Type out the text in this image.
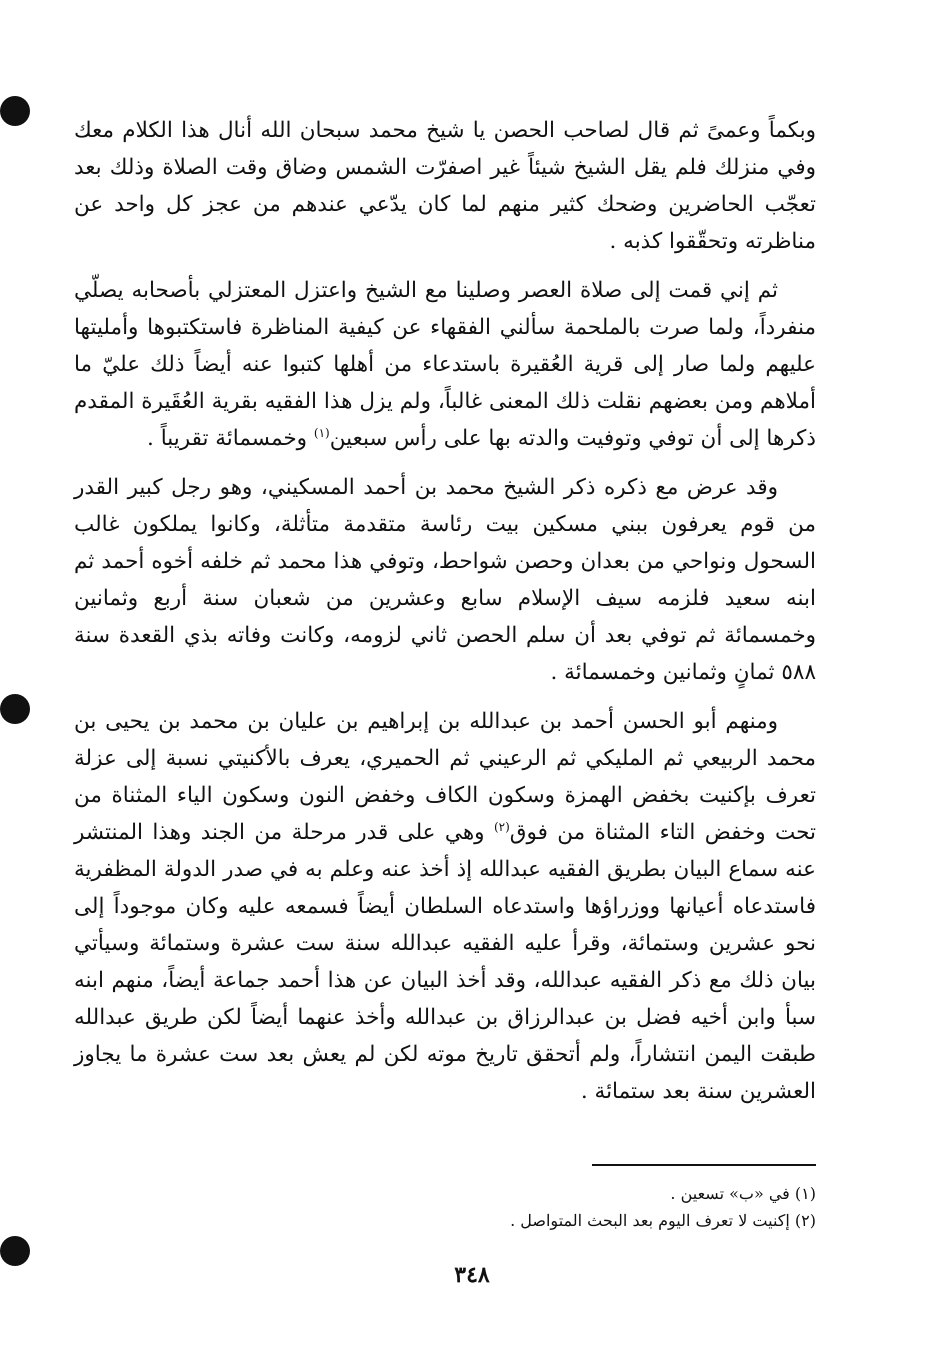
وبكماً وعمىً ثم قال لصاحب الحصن يا شيخ محمد سبحان الله أنال هذا الكلام معك وفي منزلك فلم يقل الشيخ شيئاً غير اصفرّت الشمس وضاق وقت الصلاة وذلك بعد تعجّب الحاضرين وضحك كثير منهم لما كان يدّعي عندهم من عجز كل واحد عن مناظرته وتحقّقوا كذبه .

ثم إني قمت إلى صلاة العصر وصلينا مع الشيخ واعتزل المعتزلي بأصحابه يصلّي منفرداً، ولما صرت بالملحمة سألني الفقهاء عن كيفية المناظرة فاستكتبوها وأمليتها عليهم ولما صار إلى قرية العُقيرة باستدعاء من أهلها كتبوا عنه أيضاً ذلك عليّ ما أملاهم ومن بعضهم نقلت ذلك المعنى غالباً، ولم يزل هذا الفقيه بقرية العُقَيرة المقدم ذكرها إلى أن توفي وتوفيت والدته بها على رأس سبعين$^{(١)}$ وخمسمائة تقريباً .

وقد عرض مع ذكره ذكر الشيخ محمد بن أحمد المسكيني، وهو رجل كبير القدر من قوم يعرفون ببني مسكين بيت رئاسة متقدمة متأثلة، وكانوا يملكون غالب السحول ونواحي من بعدان وحصن شواحط، وتوفي هذا محمد ثم خلفه أخوه أحمد ثم ابنه سعيد فلزمه سيف الإسلام سابع وعشرين من شعبان سنة أربع وثمانين وخمسمائة ثم توفي بعد أن سلم الحصن ثاني لزومه، وكانت وفاته بذي القعدة سنة ٥٨٨ ثمانٍ وثمانين وخمسمائة .

ومنهم أبو الحسن أحمد بن عبدالله بن إبراهيم بن عليان بن محمد بن يحيى بن محمد الربيعي ثم المليكي ثم الرعيني ثم الحميري، يعرف بالأكنيتي نسبة إلى عزلة تعرف بإكنيت بخفض الهمزة وسكون الكاف وخفض النون وسكون الياء المثناة من تحت وخفض التاء المثناة من فوق$^{(٢)}$ وهي على قدر مرحلة من الجند وهذا المنتشر عنه سماع البيان بطريق الفقيه عبدالله إذ أخذ عنه وعلم به في صدر الدولة المظفرية فاستدعاه أعيانها ووزراؤها واستدعاه السلطان أيضاً فسمعه عليه وكان موجوداً إلى نحو عشرين وستمائة، وقرأ عليه الفقيه عبدالله سنة ست عشرة وستمائة وسيأتي بيان ذلك مع ذكر الفقيه عبدالله، وقد أخذ البيان عن هذا أحمد جماعة أيضاً، منهم ابنه سبأ وابن أخيه فضل بن عبدالرزاق بن عبدالله وأخذ عنهما أيضاً لكن طريق عبدالله طبقت اليمن انتشاراً، ولم أتحقق تاريخ موته لكن لم يعش بعد ست عشرة ما يجاوز العشرين سنة بعد ستمائة .

(١) في «ب» تسعين .

(٢) إكنيت لا تعرف اليوم بعد البحث المتواصل .

٣٤٨
